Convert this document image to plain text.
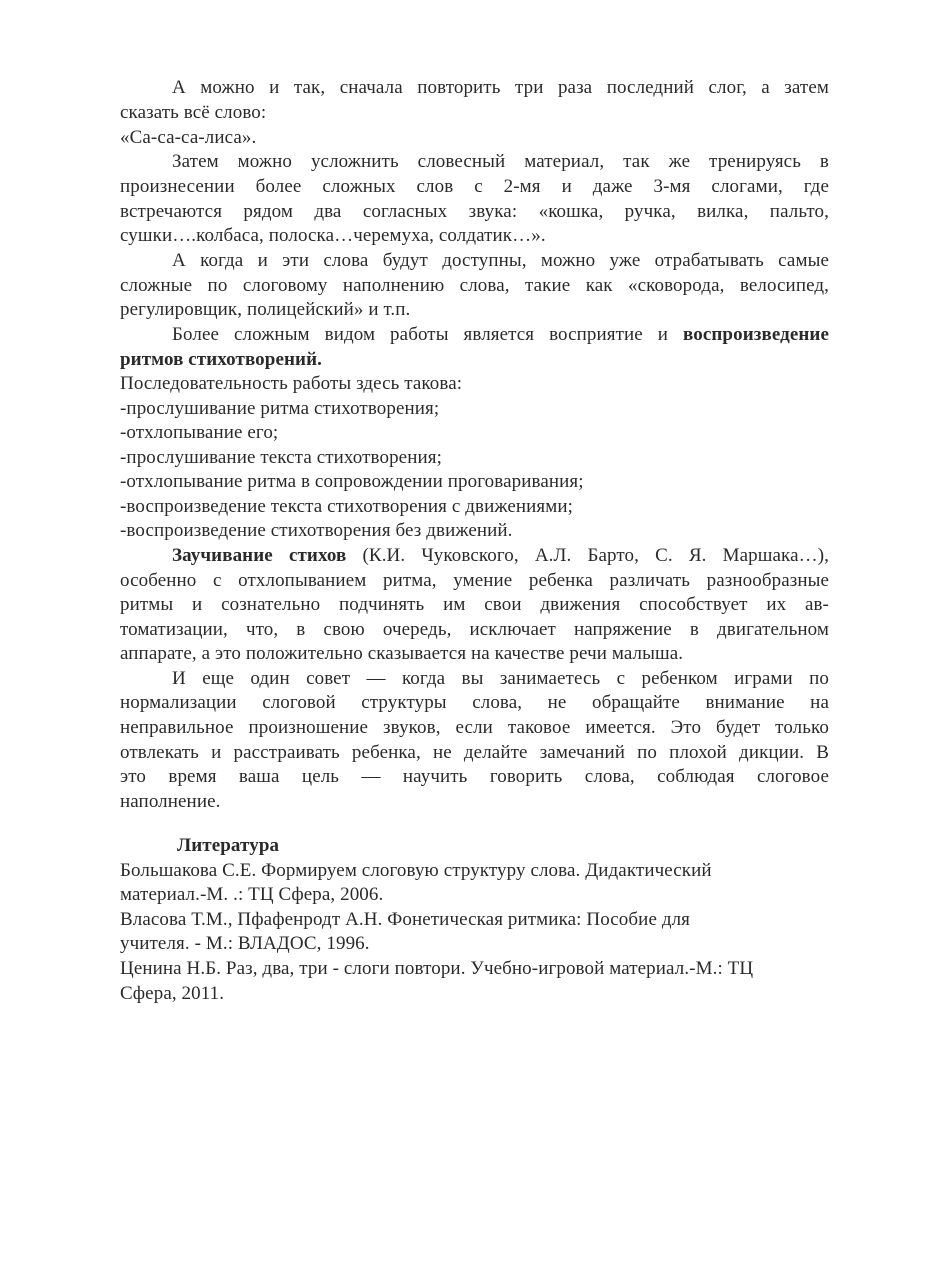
А можно и так, сначала повторить три раза последний слог, а затем
сказать всё слово:
«Са-са-са-лиса».
Затем можно усложнить словесный материал, так же тренируясь в
произнесении более сложных слов с 2-мя и даже 3-мя слогами, где
встречаются рядом два согласных звука: «кошка, ручка, вилка, пальто,
сушки….колбаса, полоска…черемуха, солдатик…».
А когда и эти слова будут доступны, можно уже отрабатывать самые
сложные по слоговому наполнению слова, такие как «сковорода, велосипед,
регулировщик, полицейский» и т.п.
Более сложным видом работы является восприятие и воспроизведение
ритмов стихотворений.
Последовательность работы здесь такова:
-прослушивание ритма стихотворения;
-отхлопывание его;
-прослушивание текста стихотворения;
-отхлопывание ритма в сопровождении проговаривания;
-воспроизведение текста стихотворения с движениями;
-воспроизведение стихотворения без движений.
Заучивание стихов (К.И. Чуковского, А.Л. Барто, С. Я. Маршака…),
особенно с отхлопыванием ритма, умение ребенка различать разнообразные
ритмы и сознательно подчинять им свои движения способствует их ав-
томатизации, что, в свою очередь, исключает напряжение в двигательном
аппарате, а это положительно сказывается на качестве речи малыша.
И еще один совет — когда вы занимаетесь с ребенком играми по
нормализации слоговой структуры слова, не обращайте внимание на
неправильное произношение звуков, если таковое имеется. Это будет только
отвлекать и расстраивать ребенка, не делайте замечаний по плохой дикции. В
это время ваша цель — научить говорить слова, соблюдая слоговое
наполнение.
Литература
Большакова С.Е. Формируем слоговую структуру слова. Дидактический
материал.-М. .: ТЦ Сфера, 2006.
Власова Т.М., Пфафенродт А.Н. Фонетическая ритмика: Пособие для
учителя. - М.: ВЛАДОС, 1996.
Ценина Н.Б. Раз, два, три - слоги повтори. Учебно-игровой материал.-М.: ТЦ
Сфера, 2011.
